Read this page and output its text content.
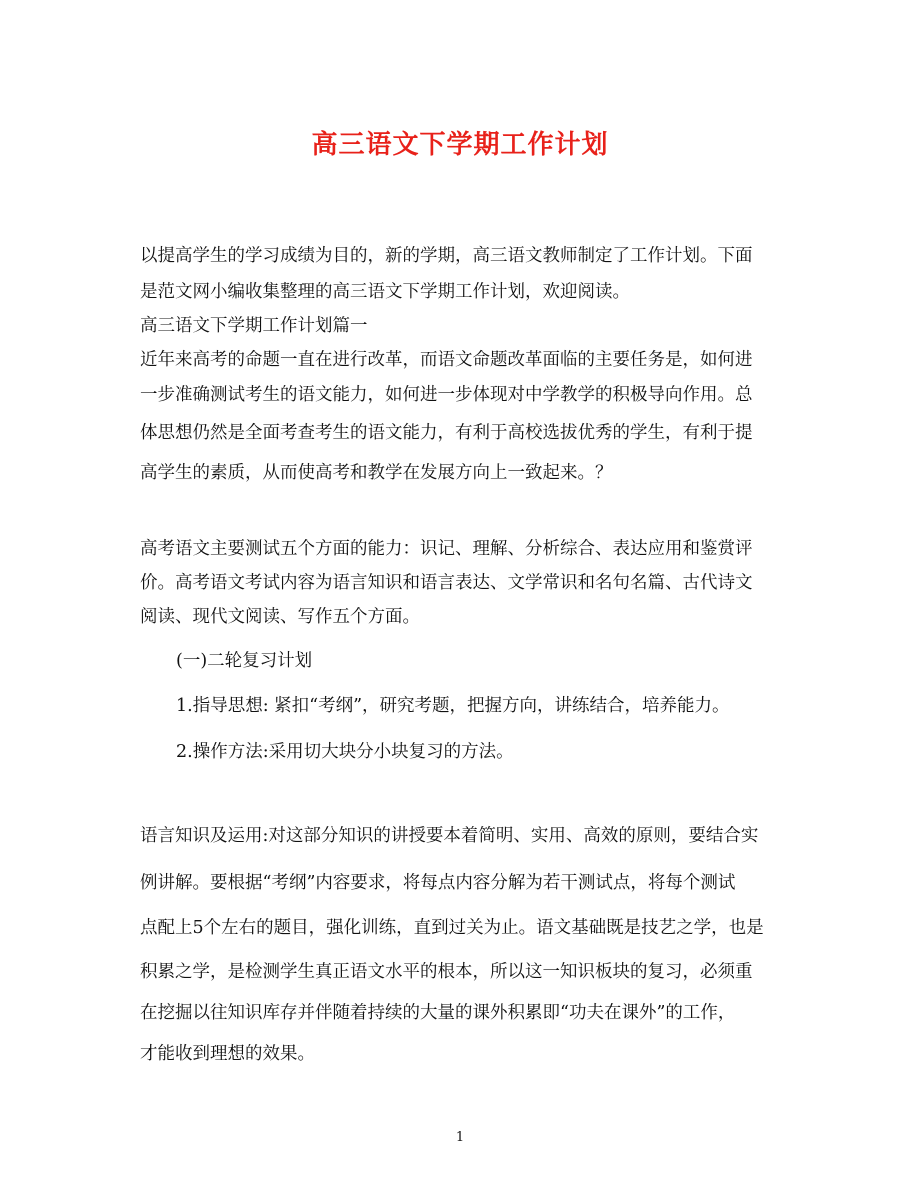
高三语文下学期工作计划
以提高学生的学习成绩为目的，新的学期，高三语文教师制定了工作计划。下面
是范文网小编收集整理的高三语文下学期工作计划，欢迎阅读。
高三语文下学期工作计划篇一
近年来高考的命题一直在进行改革，而语文命题改革面临的主要任务是，如何进
一步准确测试考生的语文能力，如何进一步体现对中学教学的积极导向作用。总
体思想仍然是全面考查考生的语文能力，有利于高校选拔优秀的学生，有利于提
高学生的素质，从而使高考和教学在发展方向上一致起来。？
高考语文主要测试五个方面的能力：识记、理解、分析综合、表达应用和鉴赏评
价。高考语文考试内容为语言知识和语言表达、文学常识和名句名篇、古代诗文
阅读、现代文阅读、写作五个方面。
(一)二轮复习计划
1.指导思想: 紧扣“考纲”，研究考题，把握方向，讲练结合，培养能力。
2.操作方法:采用切大块分小块复习的方法。
语言知识及运用:对这部分知识的讲授要本着简明、实用、高效的原则，要结合实
例讲解。要根据“考纲”内容要求，将每点内容分解为若干测试点，将每个测试
点配上5个左右的题目，强化训练，直到过关为止。语文基础既是技艺之学，也是
积累之学，是检测学生真正语文水平的根本，所以这一知识板块的复习，必须重
在挖掘以往知识库存并伴随着持续的大量的课外积累即“功夫在课外”的工作，
才能收到理想的效果。
1
